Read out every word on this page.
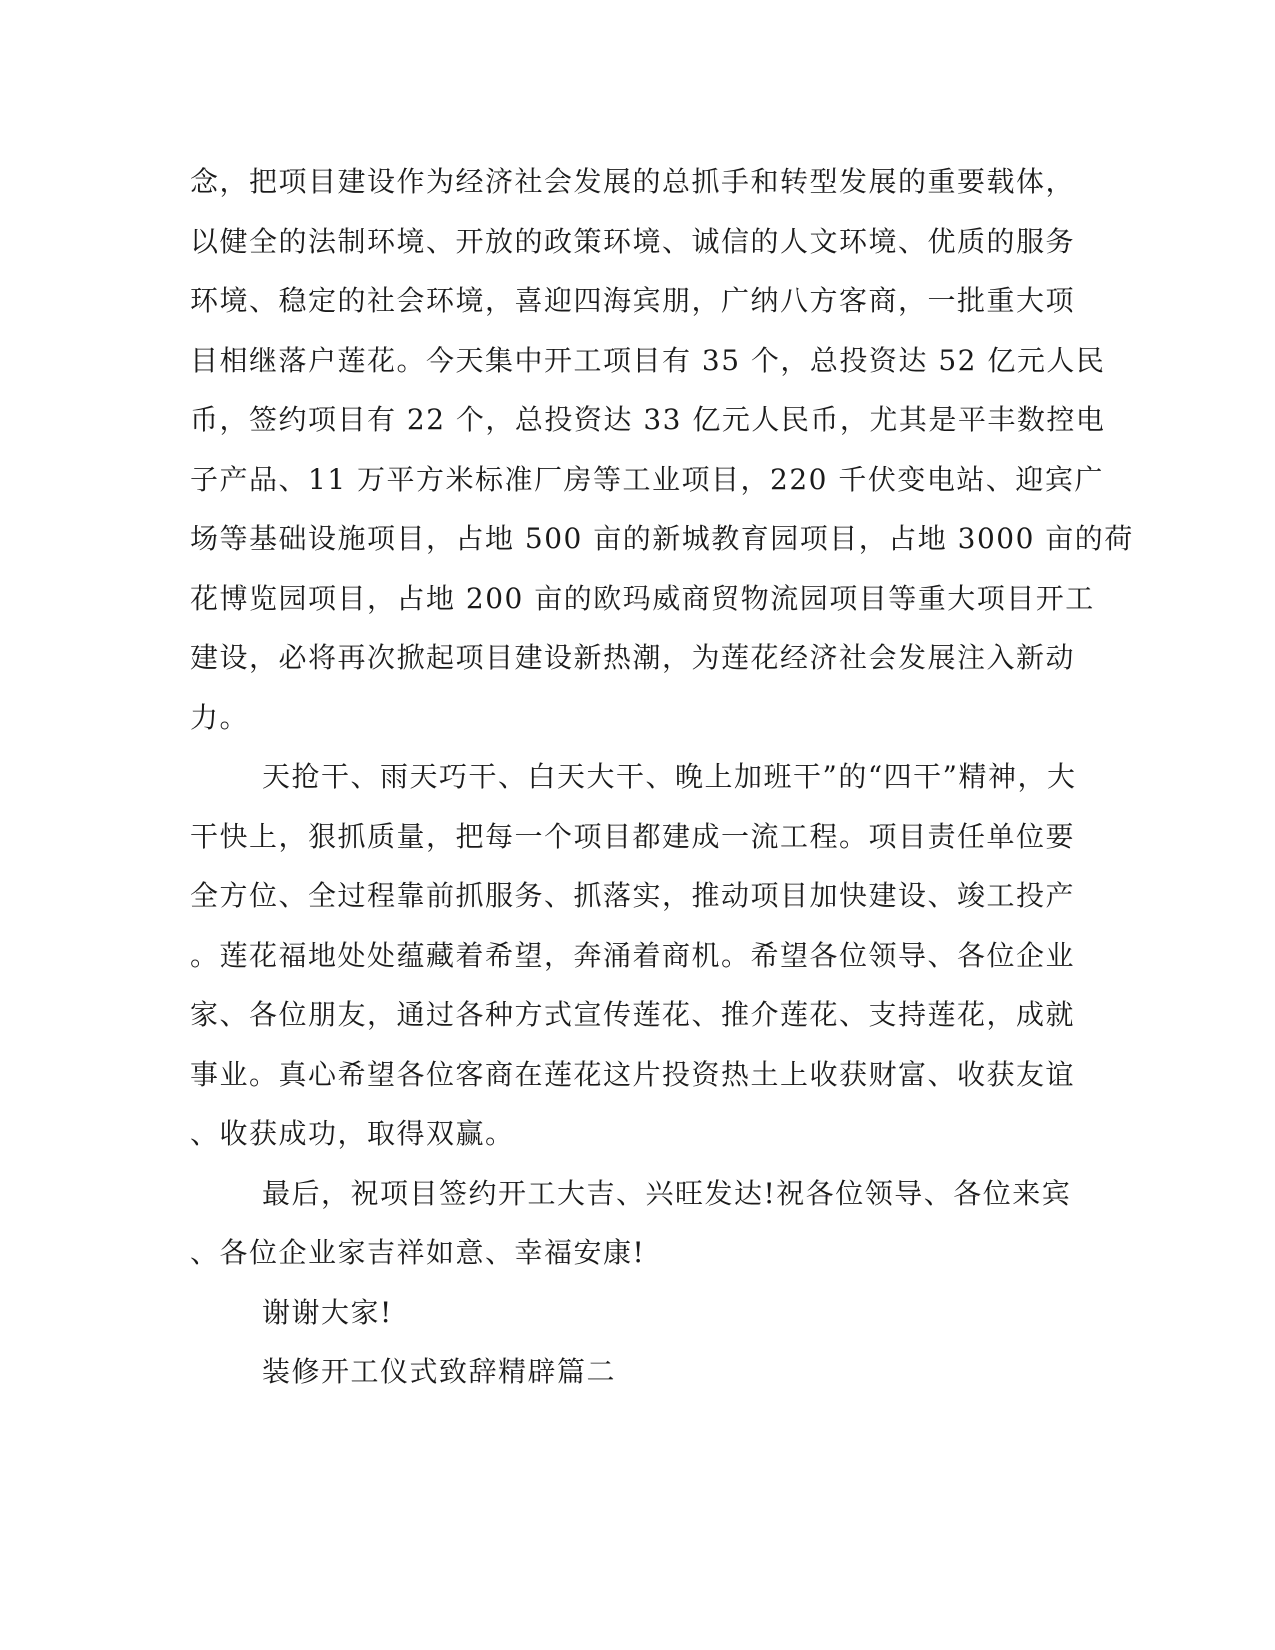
念，把项目建设作为经济社会发展的总抓手和转型发展的重要载体，
以健全的法制环境、开放的政策环境、诚信的人文环境、优质的服务
环境、稳定的社会环境，喜迎四海宾朋，广纳八方客商，一批重大项
目相继落户莲花。今天集中开工项目有 35 个，总投资达 52 亿元人民
币，签约项目有 22 个，总投资达 33 亿元人民币，尤其是平丰数控电
子产品、11 万平方米标准厂房等工业项目，220 千伏变电站、迎宾广
场等基础设施项目，占地 500 亩的新城教育园项目，占地 3000 亩的荷
花博览园项目，占地 200 亩的欧玛威商贸物流园项目等重大项目开工
建设，必将再次掀起项目建设新热潮，为莲花经济社会发展注入新动
力。
天抢干、雨天巧干、白天大干、晚上加班干”的“四干”精神，大
干快上，狠抓质量，把每一个项目都建成一流工程。项目责任单位要
全方位、全过程靠前抓服务、抓落实，推动项目加快建设、竣工投产
。莲花福地处处蕴藏着希望，奔涌着商机。希望各位领导、各位企业
家、各位朋友，通过各种方式宣传莲花、推介莲花、支持莲花，成就
事业。真心希望各位客商在莲花这片投资热土上收获财富、收获友谊
、收获成功，取得双赢。
最后，祝项目签约开工大吉、兴旺发达!祝各位领导、各位来宾
、各位企业家吉祥如意、幸福安康!
谢谢大家!
装修开工仪式致辞精辟篇二
